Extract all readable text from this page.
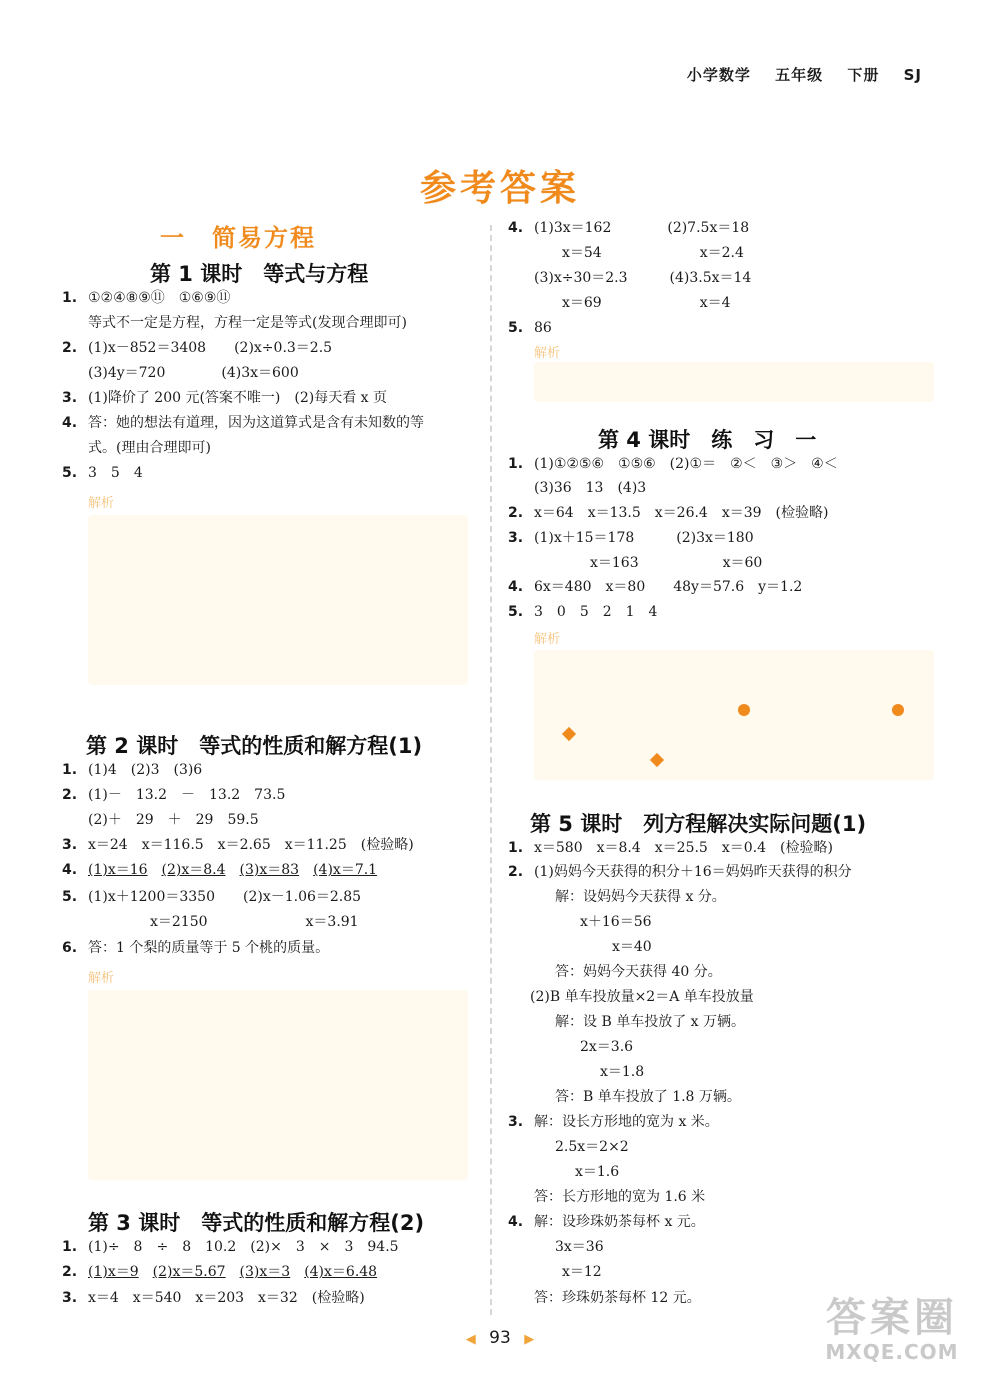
小学数学 五年级 下册 SJ
参考答案
一　简易方程
第 1 课时　等式与方程
1. ①②④⑧⑨⑪　①⑥⑨⑪
等式不一定是方程，方程一定是等式(发现合理即可)
2. (1)x－852＝3408　　(2)x÷0.3＝2.5
(3)4y＝720　　　　(4)3x＝600
3. (1)降价了 200 元(答案不唯一)　(2)每天看 x 页
4. 答：她的想法有道理，因为这道算式是含有未知数的等
式。(理由合理即可)
5. 3　5　4
解析
第 2 课时　等式的性质和解方程(1)
1. (1)4　(2)3　(3)6
2. (1)－　13.2　－　13.2　73.5
(2)＋　29　＋　29　59.5
3. x＝24　x＝116.5　x＝2.65　x＝11.25　(检验略)
4. (1)x＝16　 (2)x＝8.4　 (3)x＝83　 (4)x＝7.1
5. (1)x＋1200＝3350　　(2)x－1.06＝2.85
x＝2150　　　　　　　x＝3.91
6. 答：1 个梨的质量等于 5 个桃的质量。
解析
第 3 课时　等式的性质和解方程(2)
1. (1)÷　8　÷　8　10.2　(2)×　3　×　3　94.5
2. (1)x＝9　 (2)x＝5.67　 (3)x＝3　 (4)x＝6.48
3. x＝4　x＝540　x＝203　x＝32　(检验略)
4. (1)3x＝162　　　　(2)7.5x＝18
x＝54　　　　　　　x＝2.4
(3)x÷30＝2.3　　　(4)3.5x＝14
x＝69　　　　　　　x＝4
5. 86
解析
第 4 课时　练　习　一
1. (1)①②⑤⑥　①⑤⑥　(2)①＝　②＜　③＞　④＜
(3)36　13　(4)3
2. x＝64　x＝13.5　x＝26.4　x＝39　(检验略)
3. (1)x＋15＝178　　　(2)3x＝180
x＝163　　　　　　x＝60
4. 6x＝480　x＝80　　48y＝57.6　y＝1.2
5. 3　0　5　2　1　4
解析
第 5 课时　列方程解决实际问题(1)
1. x＝580　x＝8.4　x＝25.5　x＝0.4　(检验略)
2. (1)妈妈今天获得的积分＋16＝妈妈昨天获得的积分
解：设妈妈今天获得 x 分。
x＋16＝56
x＝40
答：妈妈今天获得 40 分。
(2)B 单车投放量×2＝A 单车投放量
解：设 B 单车投放了 x 万辆。
2x＝3.6
x＝1.8
答：B 单车投放了 1.8 万辆。
3. 解：设长方形地的宽为 x 米。
2.5x＝2×2
x＝1.6
答：长方形地的宽为 1.6 米
4. 解：设珍珠奶茶每杯 x 元。
3x＝36
x＝12
答：珍珠奶茶每杯 12 元。
◀ 93 ▶	答案圈
MXQE.COM
